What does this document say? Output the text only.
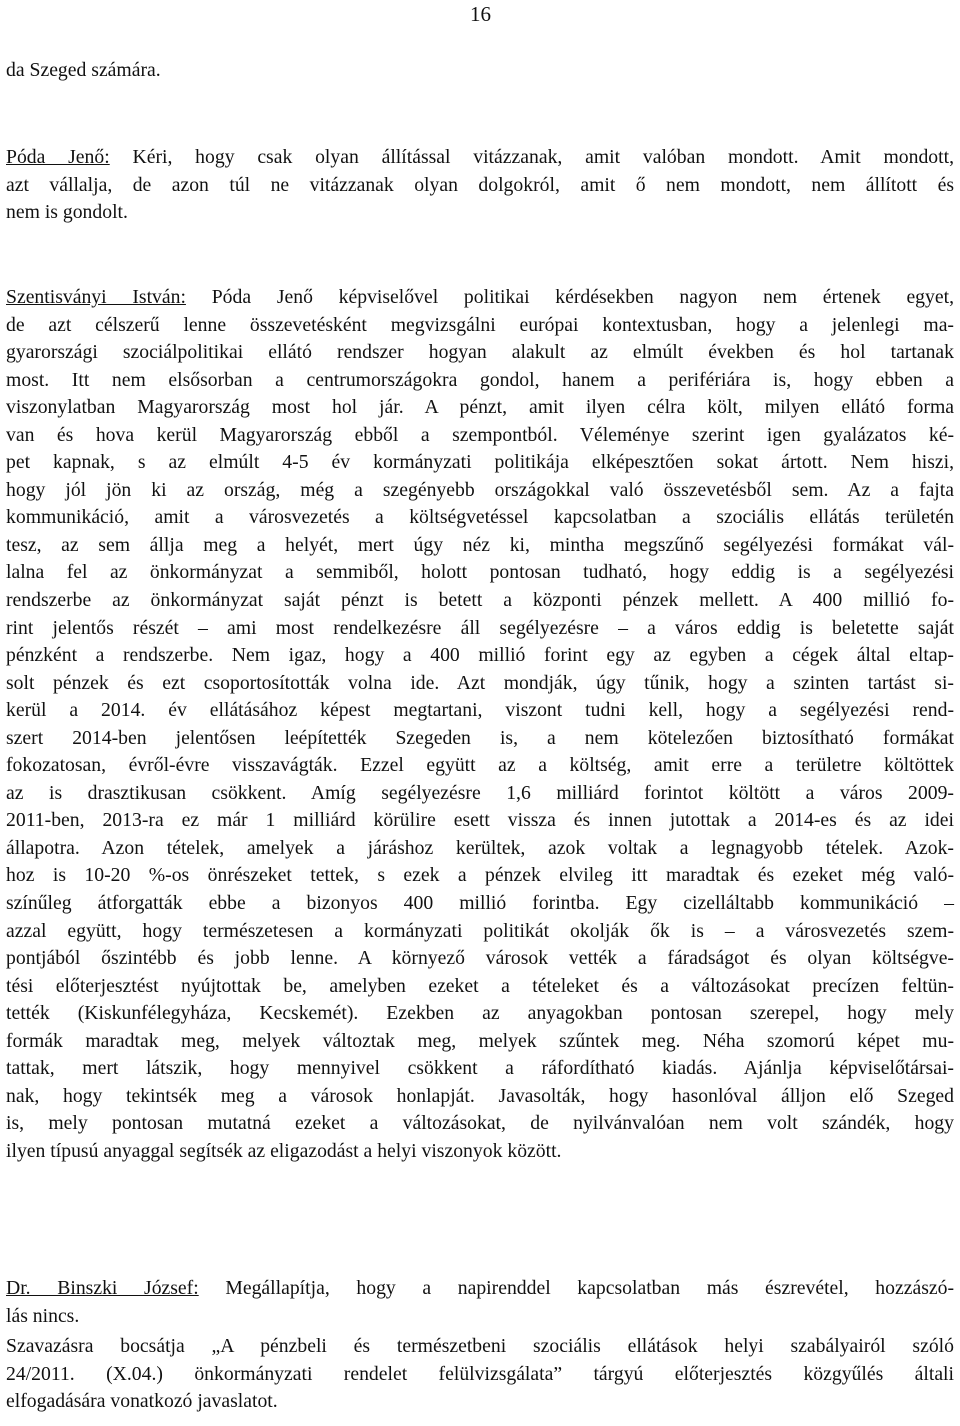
16

da Szeged számára.

Póda Jenő: Kéri, hogy csak olyan állítással vitázzanak, amit valóban mondott. Amit mondott,
azt vállalja, de azon túl ne vitázzanak olyan dolgokról, amit ő nem mondott, nem állított és
nem is gondolt.

Szentisványi István: Póda Jenő képviselővel politikai kérdésekben nagyon nem értenek egyet,
de azt célszerű lenne összevetésként megvizsgálni európai kontextusban, hogy a jelenlegi ma-
gyarországi szociálpolitikai ellátó rendszer hogyan alakult az elmúlt években és hol tartanak
most. Itt nem elsősorban a centrumországokra gondol, hanem a perifériára is, hogy ebben a
viszonylatban Magyarország most hol jár. A pénzt, amit ilyen célra költ, milyen ellátó forma
van és hova kerül Magyarország ebből a szempontból. Véleménye szerint igen gyalázatos ké-
pet kapnak, s az elmúlt 4-5 év kormányzati politikája elképesztően sokat ártott. Nem hiszi,
hogy jól jön ki az ország, még a szegényebb országokkal való összevetésből sem. Az a fajta
kommunikáció, amit a városvezetés a költségvetéssel kapcsolatban a szociális ellátás területén
tesz, az sem állja meg a helyét, mert úgy néz ki, mintha megszűnő segélyezési formákat vál-
lalna fel az önkormányzat a semmiből, holott pontosan tudható, hogy eddig is a segélyezési
rendszerbe az önkormányzat saját pénzt is betett a központi pénzek mellett. A 400 millió fo-
rint jelentős részét – ami most rendelkezésre áll segélyezésre – a város eddig is beletette saját
pénzként a rendszerbe. Nem igaz, hogy a 400 millió forint egy az egyben a cégek által eltap-
solt pénzek és ezt csoportosították volna ide. Azt mondják, úgy tűnik, hogy a szinten tartást si-
kerül a 2014. év ellátásához képest megtartani, viszont tudni kell, hogy a segélyezési rend-
szert 2014-ben jelentősen leépítették Szegeden is, a nem kötelezően biztosítható formákat
fokozatosan, évről-évre visszavágták. Ezzel együtt az a költség, amit erre a területre költöttek
az is drasztikusan csökkent. Amíg segélyezésre 1,6 milliárd forintot költött a város 2009-
2011-ben, 2013-ra ez már 1 milliárd körülire esett vissza és innen jutottak a 2014-es és az idei
állapotra. Azon tételek, amelyek a járáshoz kerültek, azok voltak a legnagyobb tételek. Azok-
hoz is 10-20 %-os önrészeket tettek, s ezek a pénzek elvileg itt maradtak és ezeket még való-
színűleg átforgatták ebbe a bizonyos 400 millió forintba. Egy cizelláltabb kommunikáció –
azzal együtt, hogy természetesen a kormányzati politikát okolják ők is – a városvezetés szem-
pontjából őszintébb és jobb lenne. A környező városok vették a fáradságot és olyan költségve-
tési előterjesztést nyújtottak be, amelyben ezeket a tételeket és a változásokat precízen feltün-
tették (Kiskunfélegyháza, Kecskemét). Ezekben az anyagokban pontosan szerepel, hogy mely
formák maradtak meg, melyek változtak meg, melyek szűntek meg. Néha szomorú képet mu-
tattak, mert látszik, hogy mennyivel csökkent a ráfordítható kiadás. Ajánlja képviselőtársai-
nak, hogy tekintsék meg a városok honlapját. Javasolták, hogy hasonlóval álljon elő Szeged
is, mely pontosan mutatná ezeket a változásokat, de nyilvánvalóan nem volt szándék, hogy
ilyen típusú anyaggal segítsék az eligazodást a helyi viszonyok között.

Dr. Binszki József: Megállapítja, hogy a napirenddel kapcsolatban más észrevétel, hozzászó-
lás nincs.

Szavazásra bocsátja „A pénzbeli és természetbeni szociális ellátások helyi szabályairól szóló
24/2011. (X.04.) önkormányzati rendelet felülvizsgálata” tárgyú előterjesztés közgyűlés általi
elfogadására vonatkozó javaslatot.
